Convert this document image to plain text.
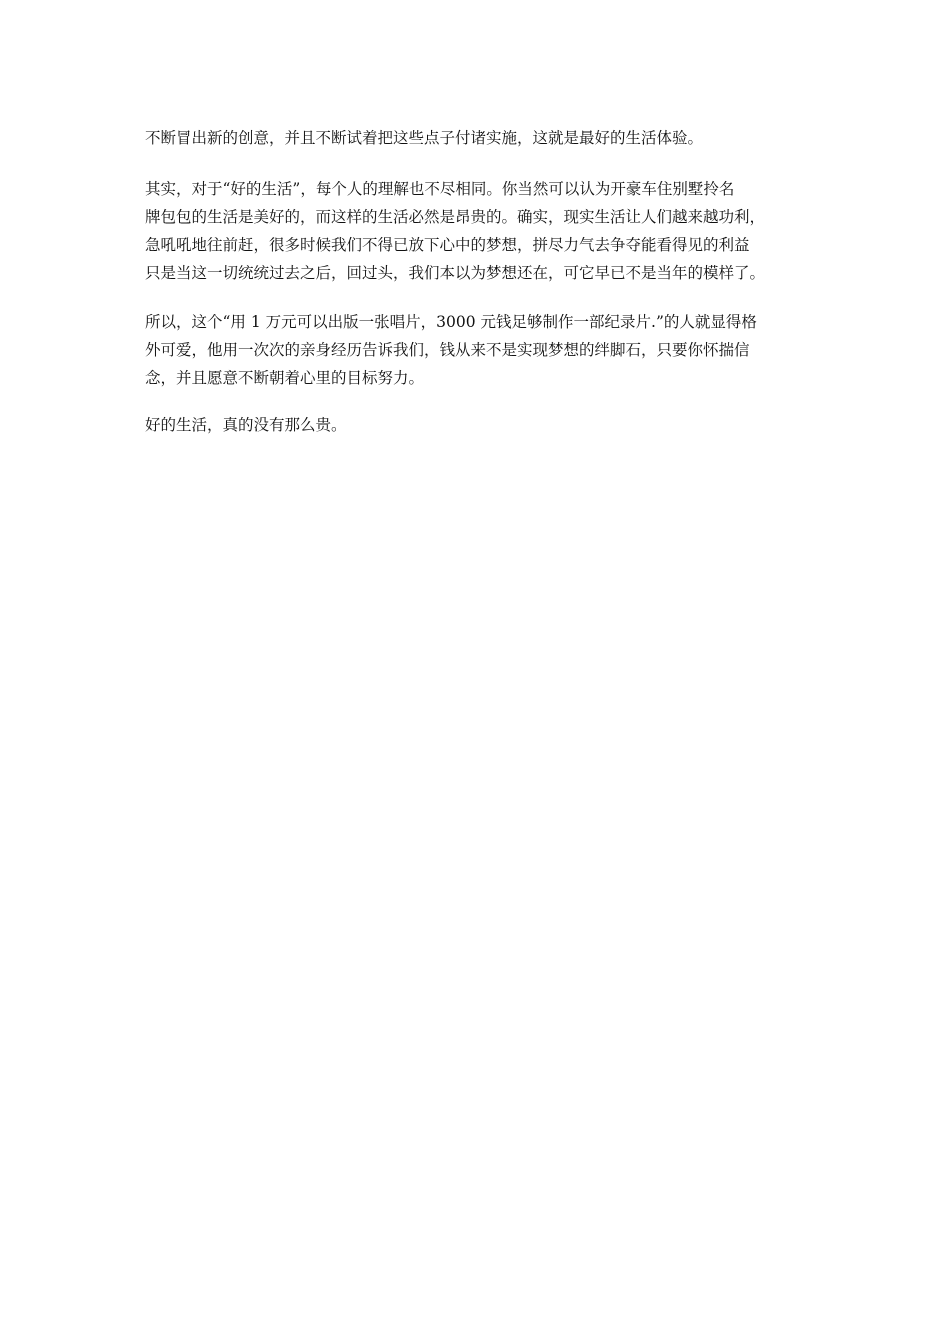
不断冒出新的创意，并且不断试着把这些点子付诸实施，这就是最好的生活体验。

其实，对于“好的生活”，每个人的理解也不尽相同。你当然可以认为开豪车住别墅拎名
牌包包的生活是美好的，而这样的生活必然是昂贵的。确实，现实生活让人们越来越功利，
急吼吼地往前赶，很多时候我们不得已放下心中的梦想，拼尽力气去争夺能看得见的利益
只是当这一切统统过去之后，回过头，我们本以为梦想还在，可它早已不是当年的模样了。

所以，这个“用 1 万元可以出版一张唱片，3000 元钱足够制作一部纪录片.”的人就显得格
外可爱，他用一次次的亲身经历告诉我们，钱从来不是实现梦想的绊脚石，只要你怀揣信
念，并且愿意不断朝着心里的目标努力。

好的生活，真的没有那么贵。
